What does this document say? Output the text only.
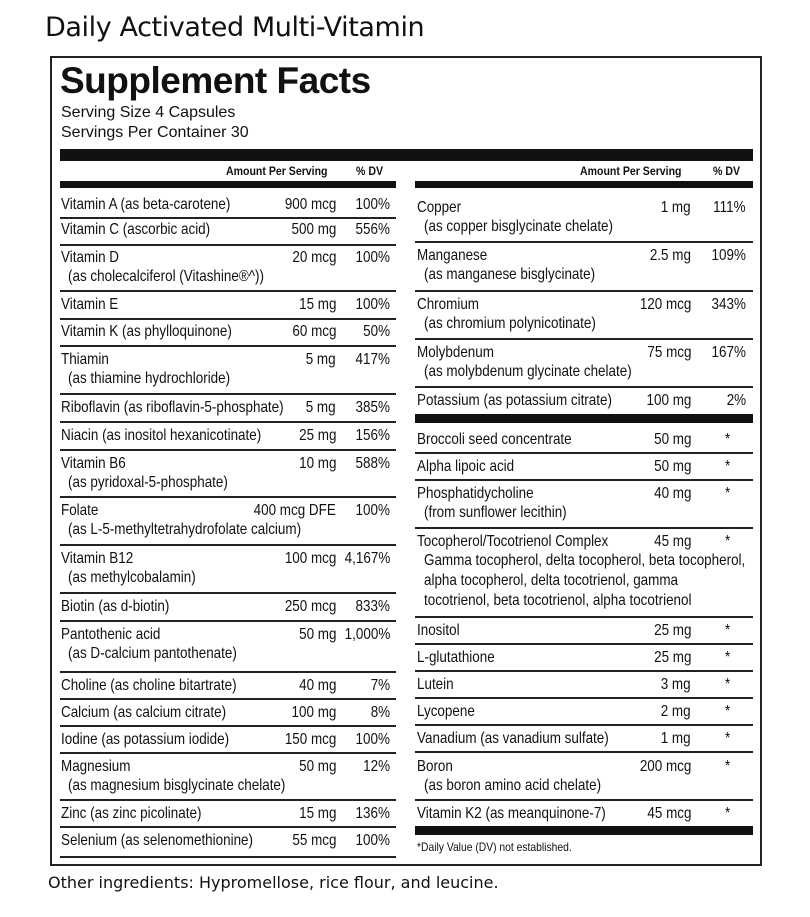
Daily Activated Multi-Vitamin
Supplement Facts
Serving Size 4 Capsules
Servings Per Container 30
Amount Per Serving % DV	Amount Per Serving	% DV
Vitamin A (as beta-carotene)	900 mcg 100%
Vitamin C (ascorbic acid)	500 mg 556%
Vitamin D
(as cholecalciferol (Vitashine®^))
20 mcg 100%
Vitamin E	15 mg 100%
Vitamin K (as phylloquinone)	60 mcg 50%
Thiamin
(as thiamine hydrochloride)
5 mg 417%
Riboflavin (as riboflavin-5-phosphate) 5 mg 385%
Niacin (as inositol hexanicotinate) 25 mg 156%
Vitamin B6
(as pyridoxal-5-phosphate)
10 mg 588%
Folate
(as L-5-methyltetrahydrofolate calcium)
400 mcg DFE 100%
Vitamin B12
(as methylcobalamin)
100 mcg 4,167%
Biotin (as d-biotin)	250 mcg 833%
Pantothenic acid
(as D-calcium pantothenate)
50 mg 1,000%
Choline (as choline bitartrate)	40 mg 7%
Calcium (as calcium citrate)	100 mg 8%
Iodine (as potassium iodide)	150 mcg 100%
Magnesium
(as magnesium bisglycinate chelate)
50 mg 12%
Zinc (as zinc picolinate)	15 mg 136%
Selenium (as selenomethionine) 55 mcg 100%
Copper
(as copper bisglycinate chelate)
1 mg 111%
Manganese
(as manganese bisglycinate)
2.5 mg 109%
Chromium
(as chromium polynicotinate)
120 mcg 343%
Molybdenum
(as molybdenum glycinate chelate)
75 mcg 167%
Potassium (as potassium citrate) 100 mg 2%
Broccoli seed concentrate	50 mg *
Alpha lipoic acid	50 mg *
Phosphatidycholine
(from sunflower lecithin)
40 mg *
Tocopherol/Tocotrienol Complex
Gamma tocopherol, delta tocopherol, beta tocopherol,
alpha tocopherol, delta tocotrienol, gamma
tocotrienol, beta tocotrienol, alpha tocotrienol
45 mg *
Inositol	25 mg *
L-glutathione	25 mg *
Lutein	3 mg *
Lycopene	2 mg *
Vanadium (as vanadium sulfate)	1 mg *
Boron
(as boron amino acid chelate)
200 mcg *
Vitamin K2 (as meanquinone-7)	45 mcg *
*Daily Value (DV) not established.
Other ingredients: Hypromellose, rice flour, and leucine.
